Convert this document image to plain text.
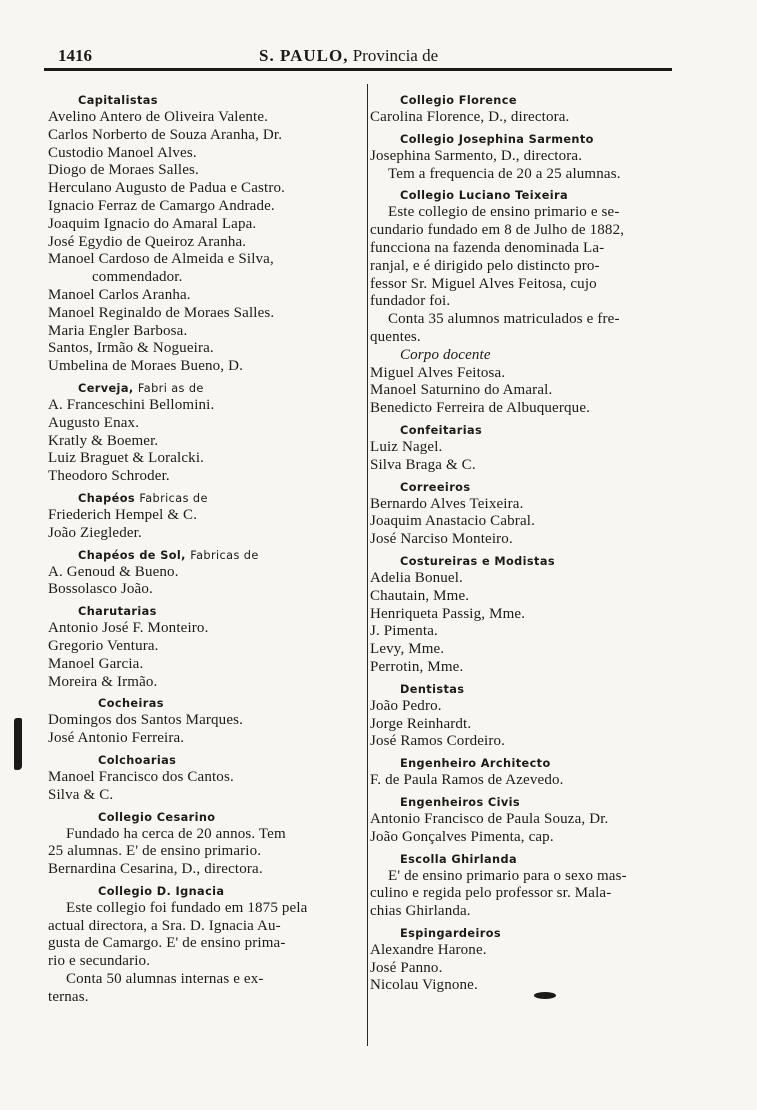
1416	S. PAULO, Provincia de
Capitalistas
Avelino Antero de Oliveira Valente.
Carlos Norberto de Souza Aranha, Dr.
Custodio Manoel Alves.
Diogo de Moraes Salles.
Herculano Augusto de Padua e Castro.
Ignacio Ferraz de Camargo Andrade.
Joaquim Ignacio do Amaral Lapa.
José Egydio de Queiroz Aranha.
Manoel Cardoso de Almeida e Silva,
commendador.
Manoel Carlos Aranha.
Manoel Reginaldo de Moraes Salles.
Maria Engler Barbosa.
Santos, Irmão & Nogueira.
Umbelina de Moraes Bueno, D.
Cerveja, Fabri as de
A. Franceschini Bellomini.
Augusto Enax.
Kratly & Boemer.
Luiz Braguet & Loralcki.
Theodoro Schroder.
Chapéos Fabricas de
Friederich Hempel & C.
João Ziegleder.
Chapéos de Sol, Fabricas de
A. Genoud & Bueno.
Bossolasco João.
Charutarias
Antonio José F. Monteiro.
Gregorio Ventura.
Manoel Garcia.
Moreira & Irmão.
Cocheiras
Domingos dos Santos Marques.
José Antonio Ferreira.
Colchoarias
Manoel Francisco dos Cantos.
Silva & C.
Collegio Cesarino
Fundado ha cerca de 20 annos. Tem
25 alumnas. E' de ensino primario.
Bernardina Cesarina, D., directora.
Collegio D. Ignacia
Este collegio foi fundado em 1875 pela
actual directora, a Sra. D. Ignacia Au-
gusta de Camargo. E' de ensino prima-
rio e secundario.
Conta 50 alumnas internas e ex-
ternas.
Collegio Florence
Carolina Florence, D., directora.
Collegio Josephina Sarmento
Josephina Sarmento, D., directora.
Tem a frequencia de 20 a 25 alumnas.
Collegio Luciano Teixeira
Este collegio de ensino primario e se-
cundario fundado em 8 de Julho de 1882,
funcciona na fazenda denominada La-
ranjal, e é dirigido pelo distincto pro-
fessor Sr. Miguel Alves Feitosa, cujo
fundador foi.
Conta 35 alumnos matriculados e fre-
quentes.
Corpo docente
Miguel Alves Feitosa.
Manoel Saturnino do Amaral.
Benedicto Ferreira de Albuquerque.
Confeitarias
Luiz Nagel.
Silva Braga & C.
Correeiros
Bernardo Alves Teixeira.
Joaquim Anastacio Cabral.
José Narciso Monteiro.
Costureiras e Modistas
Adelia Bonuel.
Chautain, Mme.
Henriqueta Passig, Mme.
J. Pimenta.
Levy, Mme.
Perrotin, Mme.
Dentistas
João Pedro.
Jorge Reinhardt.
José Ramos Cordeiro.
Engenheiro Architecto
F. de Paula Ramos de Azevedo.
Engenheiros Civis
Antonio Francisco de Paula Souza, Dr.
João Gonçalves Pimenta, cap.
Escolla Ghirlanda
E' de ensino primario para o sexo mas-
culino e regida pelo professor sr. Mala-
chias Ghirlanda.
Espingardeiros
Alexandre Harone.
José Panno.
Nicolau Vignone.
